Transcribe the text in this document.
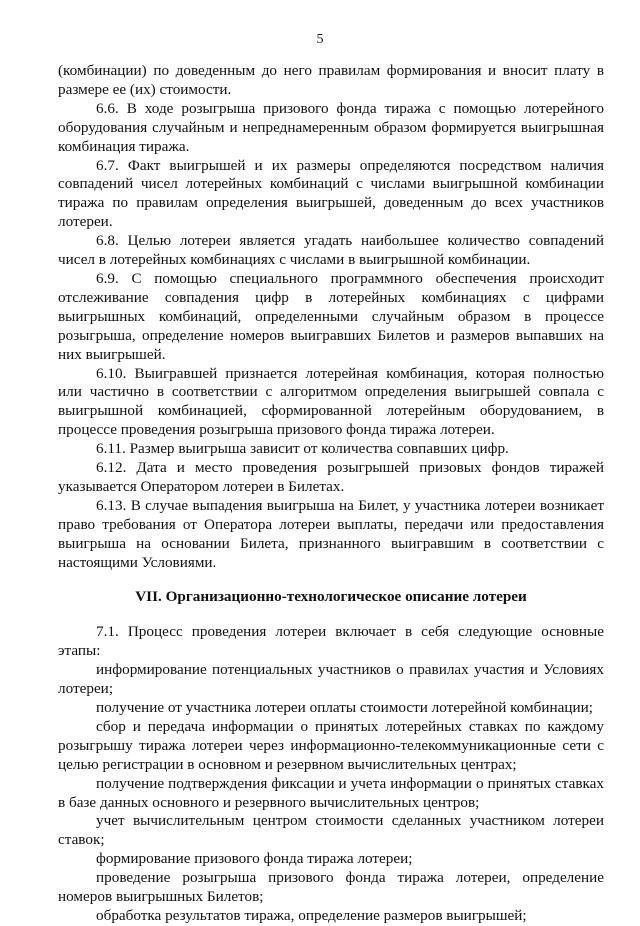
5

(комбинации) по доведенным до него правилам формирования и вносит плату в размере ее (их) стоимости.

6.6. В ходе розыгрыша призового фонда тиража с помощью лотерейного оборудования случайным и непреднамеренным образом формируется выигрышная комбинация тиража.

6.7. Факт выигрышей и их размеры определяются посредством наличия совпадений чисел лотерейных комбинаций с числами выигрышной комбинации тиража по правилам определения выигрышей, доведенным до всех участников лотереи.

6.8. Целью лотереи является угадать наибольшее количество совпадений чисел в лотерейных комбинациях с числами в выигрышной комбинации.

6.9. С помощью специального программного обеспечения происходит отслеживание совпадения цифр в лотерейных комбинациях с цифрами выигрышных комбинаций, определенными случайным образом в процессе розыгрыша, определение номеров выигравших Билетов и размеров выпавших на них выигрышей.

6.10. Выигравшей признается лотерейная комбинация, которая полностью или частично в соответствии с алгоритмом определения выигрышей совпала с выигрышной комбинацией, сформированной лотерейным оборудованием, в процессе проведения розыгрыша призового фонда тиража лотереи.

6.11. Размер выигрыша зависит от количества совпавших цифр.

6.12. Дата и место проведения розыгрышей призовых фондов тиражей указывается Оператором лотереи в Билетах.

6.13. В случае выпадения выигрыша на Билет, у участника лотереи возникает право требования от Оператора лотереи выплаты, передачи или предоставления выигрыша на основании Билета, признанного выигравшим в соответствии с настоящими Условиями.

VII. Организационно-технологическое описание лотереи

7.1. Процесс проведения лотереи включает в себя следующие основные этапы:

информирование потенциальных участников о правилах участия и Условиях лотереи;

получение от участника лотереи оплаты стоимости лотерейной комбинации;

сбор и передача информации о принятых лотерейных ставках по каждому розыгрышу тиража лотереи через информационно-телекоммуникационные сети с целью регистрации в основном и резервном вычислительных центрах;

получение подтверждения фиксации и учета информации о принятых ставках в базе данных основного и резервного вычислительных центров;

учет вычислительным центром стоимости сделанных участником лотереи ставок;

формирование призового фонда тиража лотереи;

проведение розыгрыша призового фонда тиража лотереи, определение номеров выигрышных Билетов;

обработка результатов тиража, определение размеров выигрышей;
